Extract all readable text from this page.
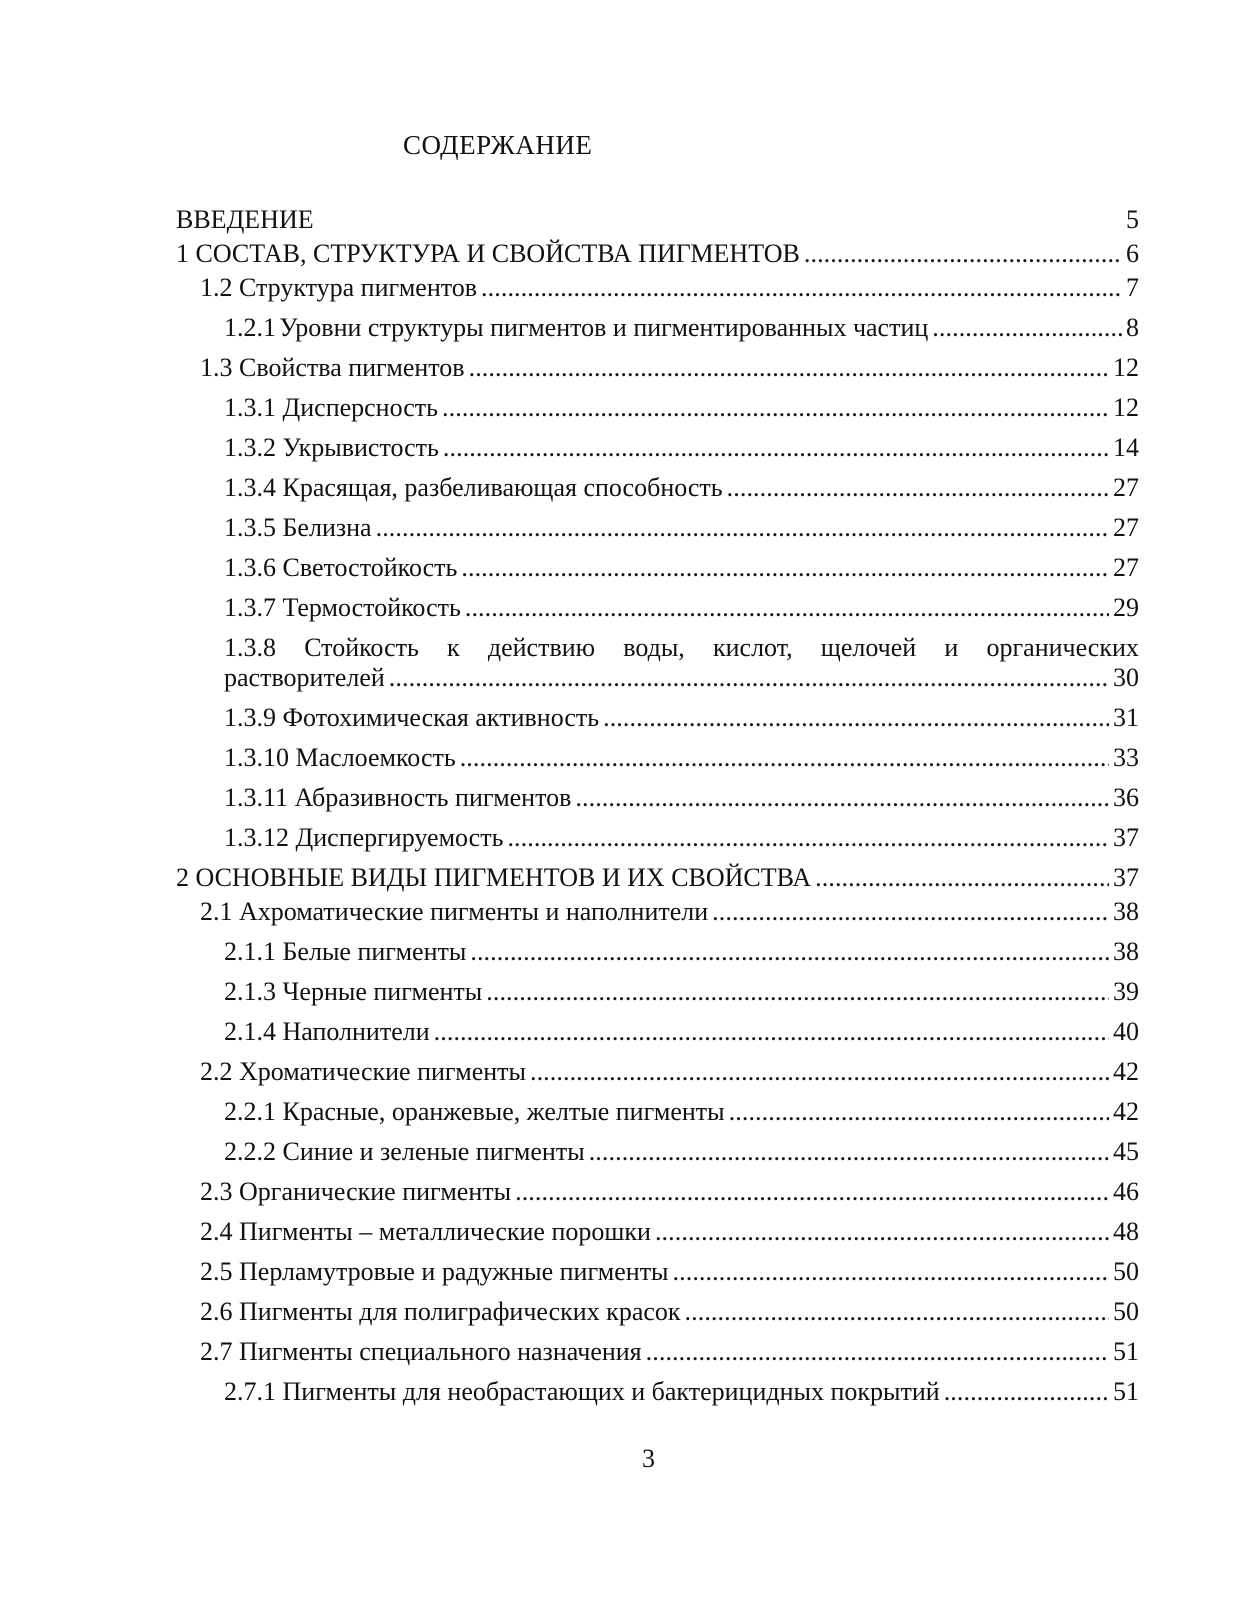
СОДЕРЖАНИЕ
ВВЕДЕНИЕ	5
1 СОСТАВ, СТРУКТУРА И СВОЙСТВА ПИГМЕНТОВ . . .	6
1.2 Структура пигментов . . .	7
1.2.1 Уровни структуры пигментов и пигментированных частиц . . .	8
1.3 Свойства пигментов . . .	12
1.3.1 Дисперсность . . .	12
1.3.2 Укрывистость . . .	14
1.3.4 Красящая, разбеливающая способность . . .	27
1.3.5 Белизна . . .	27
1.3.6 Светостойкость . . .	27
1.3.7 Термостойкость . . .	29
1.3.8 Стойкость к действию воды, кислот, щелочей и органических
растворителей . . .	30
1.3.9 Фотохимическая активность . . .	31
1.3.10 Маслоемкость . . .	33
1.3.11 Абразивность пигментов . . .	36
1.3.12 Диспергируемость . . .	37
2 ОСНОВНЫЕ ВИДЫ ПИГМЕНТОВ И ИХ СВОЙСТВА . . .	37
2.1 Ахроматические пигменты и наполнители . . .	38
2.1.1 Белые пигменты . . .	38
2.1.3 Черные пигменты . . .	39
2.1.4 Наполнители . . .	40
2.2 Хроматические пигменты . . .	42
2.2.1 Красные, оранжевые, желтые пигменты . . .	42
2.2.2 Синие и зеленые пигменты . . .	45
2.3 Органические пигменты . . .	46
2.4 Пигменты – металлические порошки . . .	48
2.5 Перламутровые и радужные пигменты . . .	50
2.6 Пигменты для полиграфических красок . . .	50
2.7 Пигменты специального назначения . . .	51
2.7.1 Пигменты для необрастающих и бактерицидных покрытий . . .	51
3
